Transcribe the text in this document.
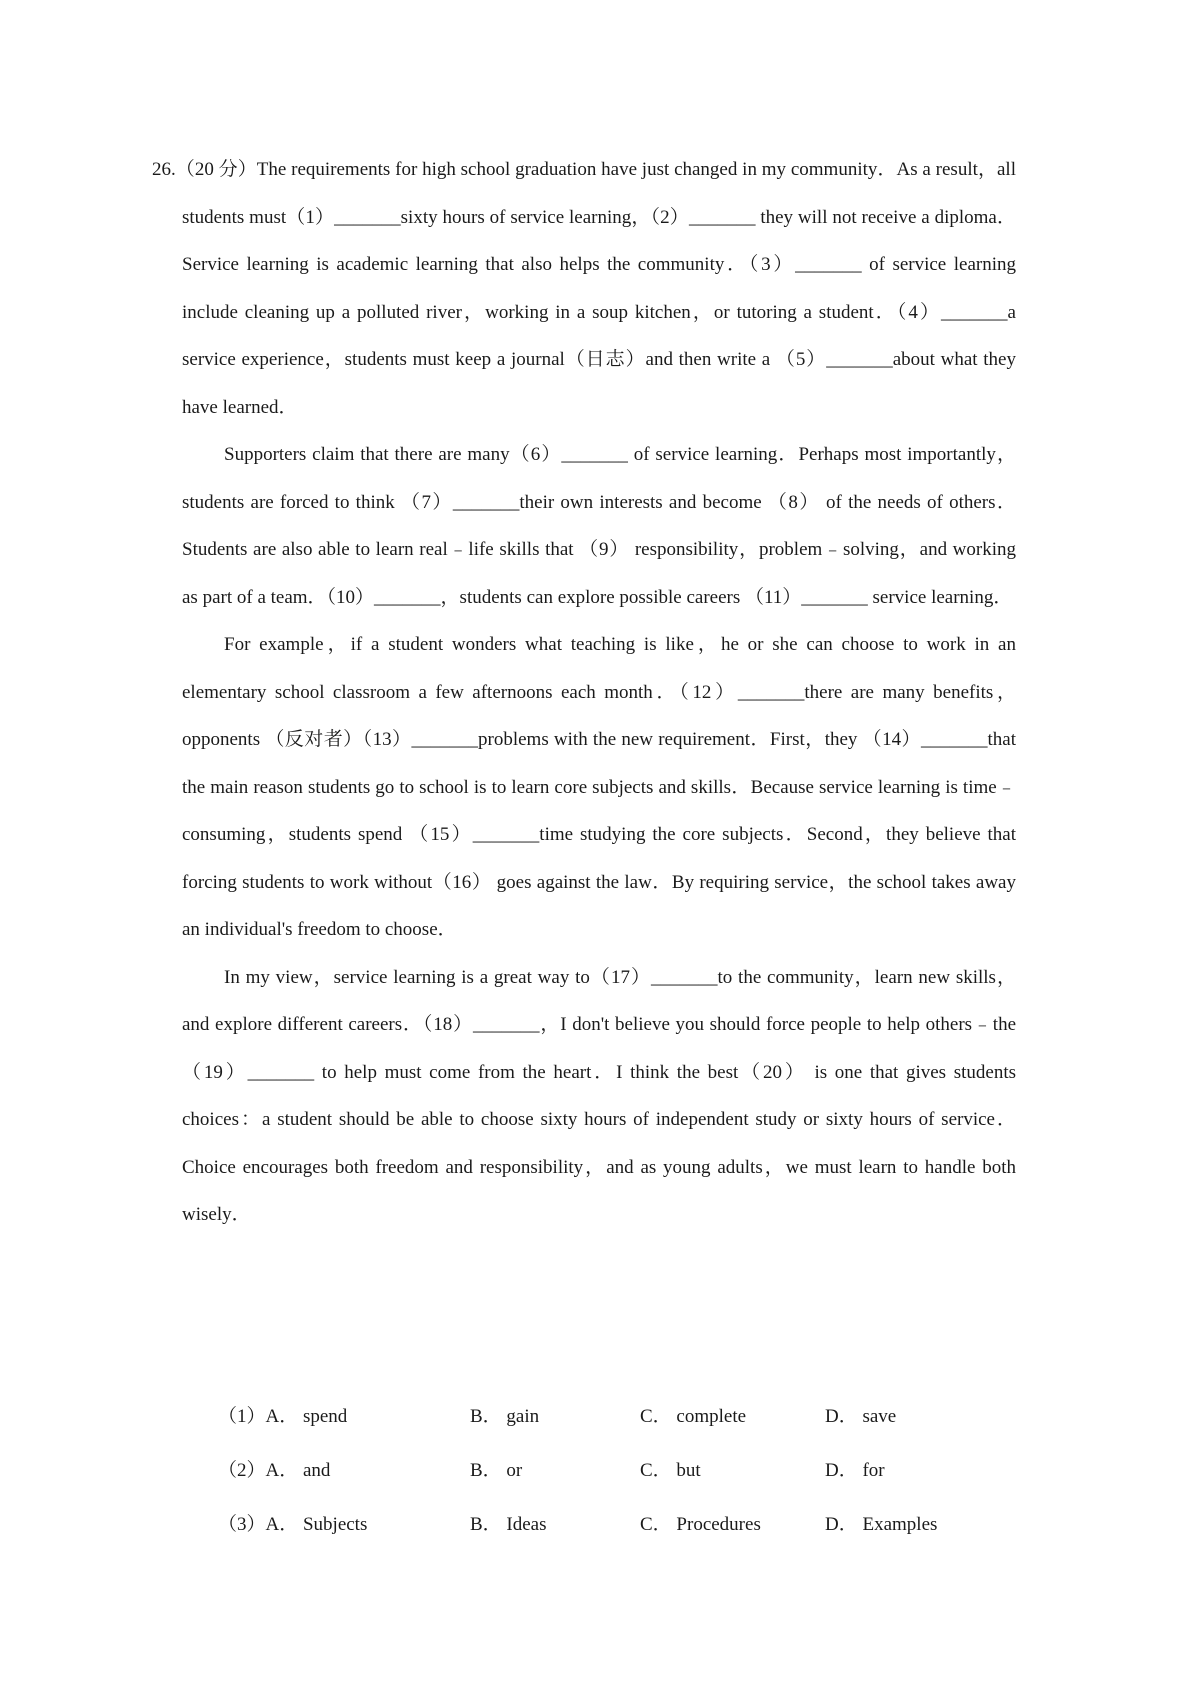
26.（20 分）The requirements for high school graduation have just changed in my community．As a result，all students must（1）_______sixty hours of service learning，（2）_______ they will not receive a diploma．Service learning is academic learning that also helps the community．（3）_______ of service learning include cleaning up a polluted river，working in a soup kitchen，or tutoring a student．（4）_______a service experience，students must keep a journal（日志）and then write a （5）_______about what they have learned．

Supporters claim that there are many（6）_______ of service learning．Perhaps most importantly，students are forced to think （7）_______their own interests and become （8） of the needs of others．Students are also able to learn real﹣life skills that （9） responsibility，problem﹣solving，and working as part of a team．（10）_______，students can explore possible careers （11）_______ service learning．

For example，if a student wonders what teaching is like，he or she can choose to work in an elementary school classroom a few afternoons each month．（12）_______there are many benefits，opponents （反对者）（13）_______problems with the new requirement．First，they （14）_______that the main reason students go to school is to learn core subjects and skills．Because service learning is time﹣consuming，students spend （15）_______time studying the core subjects．Second，they believe that forcing students to work without（16） goes against the law．By requiring service，the school takes away an individual's freedom to choose．

In my view，service learning is a great way to（17）_______to the community，learn new skills，and explore different careers．（18）_______，I don't believe you should force people to help others﹣the （19）_______ to help must come from the heart．I think the best（20） is one that gives students choices：a student should be able to choose sixty hours of independent study or sixty hours of service．Choice encourages both freedom and responsibility，and as young adults，we must learn to handle both wisely．

（1）A． spend	B． gain	C． complete	D． save
（2）A． and	B． or	C． but	D． for
（3）A． Subjects	B． Ideas	C． Procedures	D． Examples
